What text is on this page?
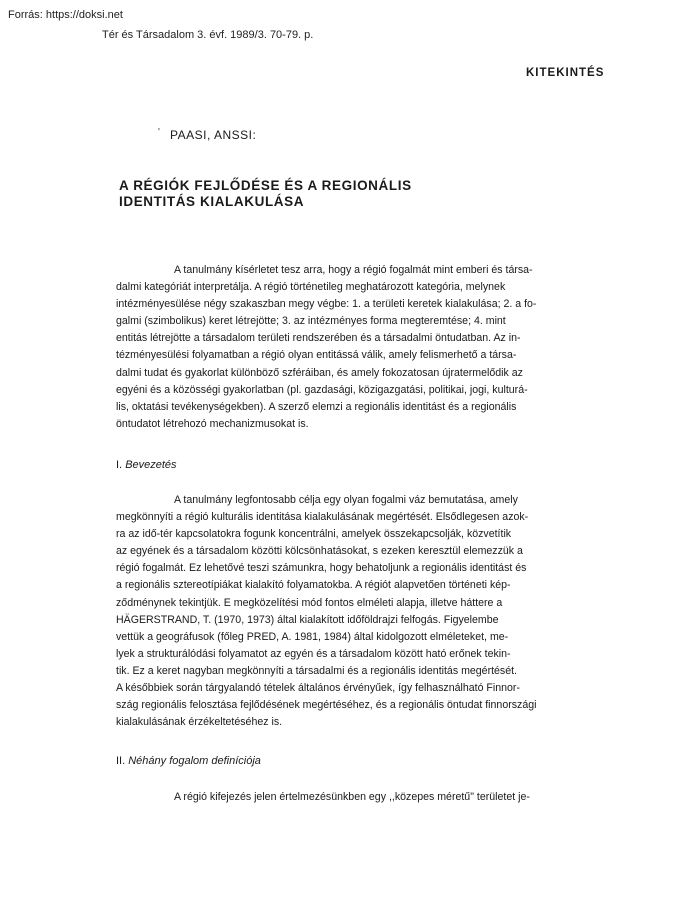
Forrás: https://doksi.net
Tér és Társadalom 3. évf. 1989/3. 70-79. p.
KITEKINTÉS
' PAASI, ANSSI:
A RÉGIÓK FEJLŐDÉSE ÉS A REGIONÁLIS
IDENTITÁS KIALAKULÁSA
A tanulmány kísérletet tesz arra, hogy a régió fogalmát mint emberi és társa-
dalmi kategóriát interpretálja. A régió történetileg meghatározott kategória, melynek
intézményesülése négy szakaszban megy végbe: 1. a területi keretek kialakulása; 2. a fo-
galmi (szimbolikus) keret létrejötte; 3. az intézményes forma megteremtése; 4. mint
entitás létrejötte a társadalom területi rendszerében és a társadalmi öntudatban. Az in-
tézményesülési folyamatban a régió olyan entitássá válik, amely felismerhető a társa-
dalmi tudat és gyakorlat különböző szféráiban, és amely fokozatosan újratermelődik az
egyéni és a közösségi gyakorlatban (pl. gazdasági, közigazgatási, politikai, jogi, kulturá-
lis, oktatási tevékenységekben). A szerző elemzi a regionális identitást és a regionális
öntudatot létrehozó mechanizmusokat is.
I. Bevezetés
A tanulmány legfontosabb célja egy olyan fogalmi váz bemutatása, amely
megkönnyíti a régió kulturális identitása kialakulásának megértését. Elsődlegesen azok-
ra az idő-tér kapcsolatokra fogunk koncentrálni, amelyek összekapcsolják, közvetítik
az egyének és a társadalom közötti kölcsönhatásokat, s ezeken keresztül elemezzük a
régió fogalmát. Ez lehetővé teszi számunkra, hogy behatoljunk a regionális identitást és
a regionális sztereotípiákat kialakító folyamatokba. A régiót alapvetően történeti kép-
ződménynek tekintjük. E megközelítési mód fontos elméleti alapja, illetve háttere a
HÄGERSTRAND, T. (1970, 1973) által kialakított időföldrajzi felfogás. Figyelembe
vettük a geográfusok (főleg PRED, A. 1981, 1984) által kidolgozott elméleteket, me-
lyek a strukturálódási folyamatot az egyén és a társadalom között ható erőnek tekin-
tik. Ez a keret nagyban megkönnyíti a társadalmi és a regionális identitás megértését.
A későbbiek során tárgyalandó tételek általános érvényűek, így felhasználható Finnor-
szág regionális felosztása fejlődésének megértéséhez, és a regionális öntudat finnországi
kialakulásának érzékeltetéséhez is.
II. Néhány fogalom definíciója
A régió kifejezés jelen értelmezésünkben egy ,,közepes méretű" területet je-
